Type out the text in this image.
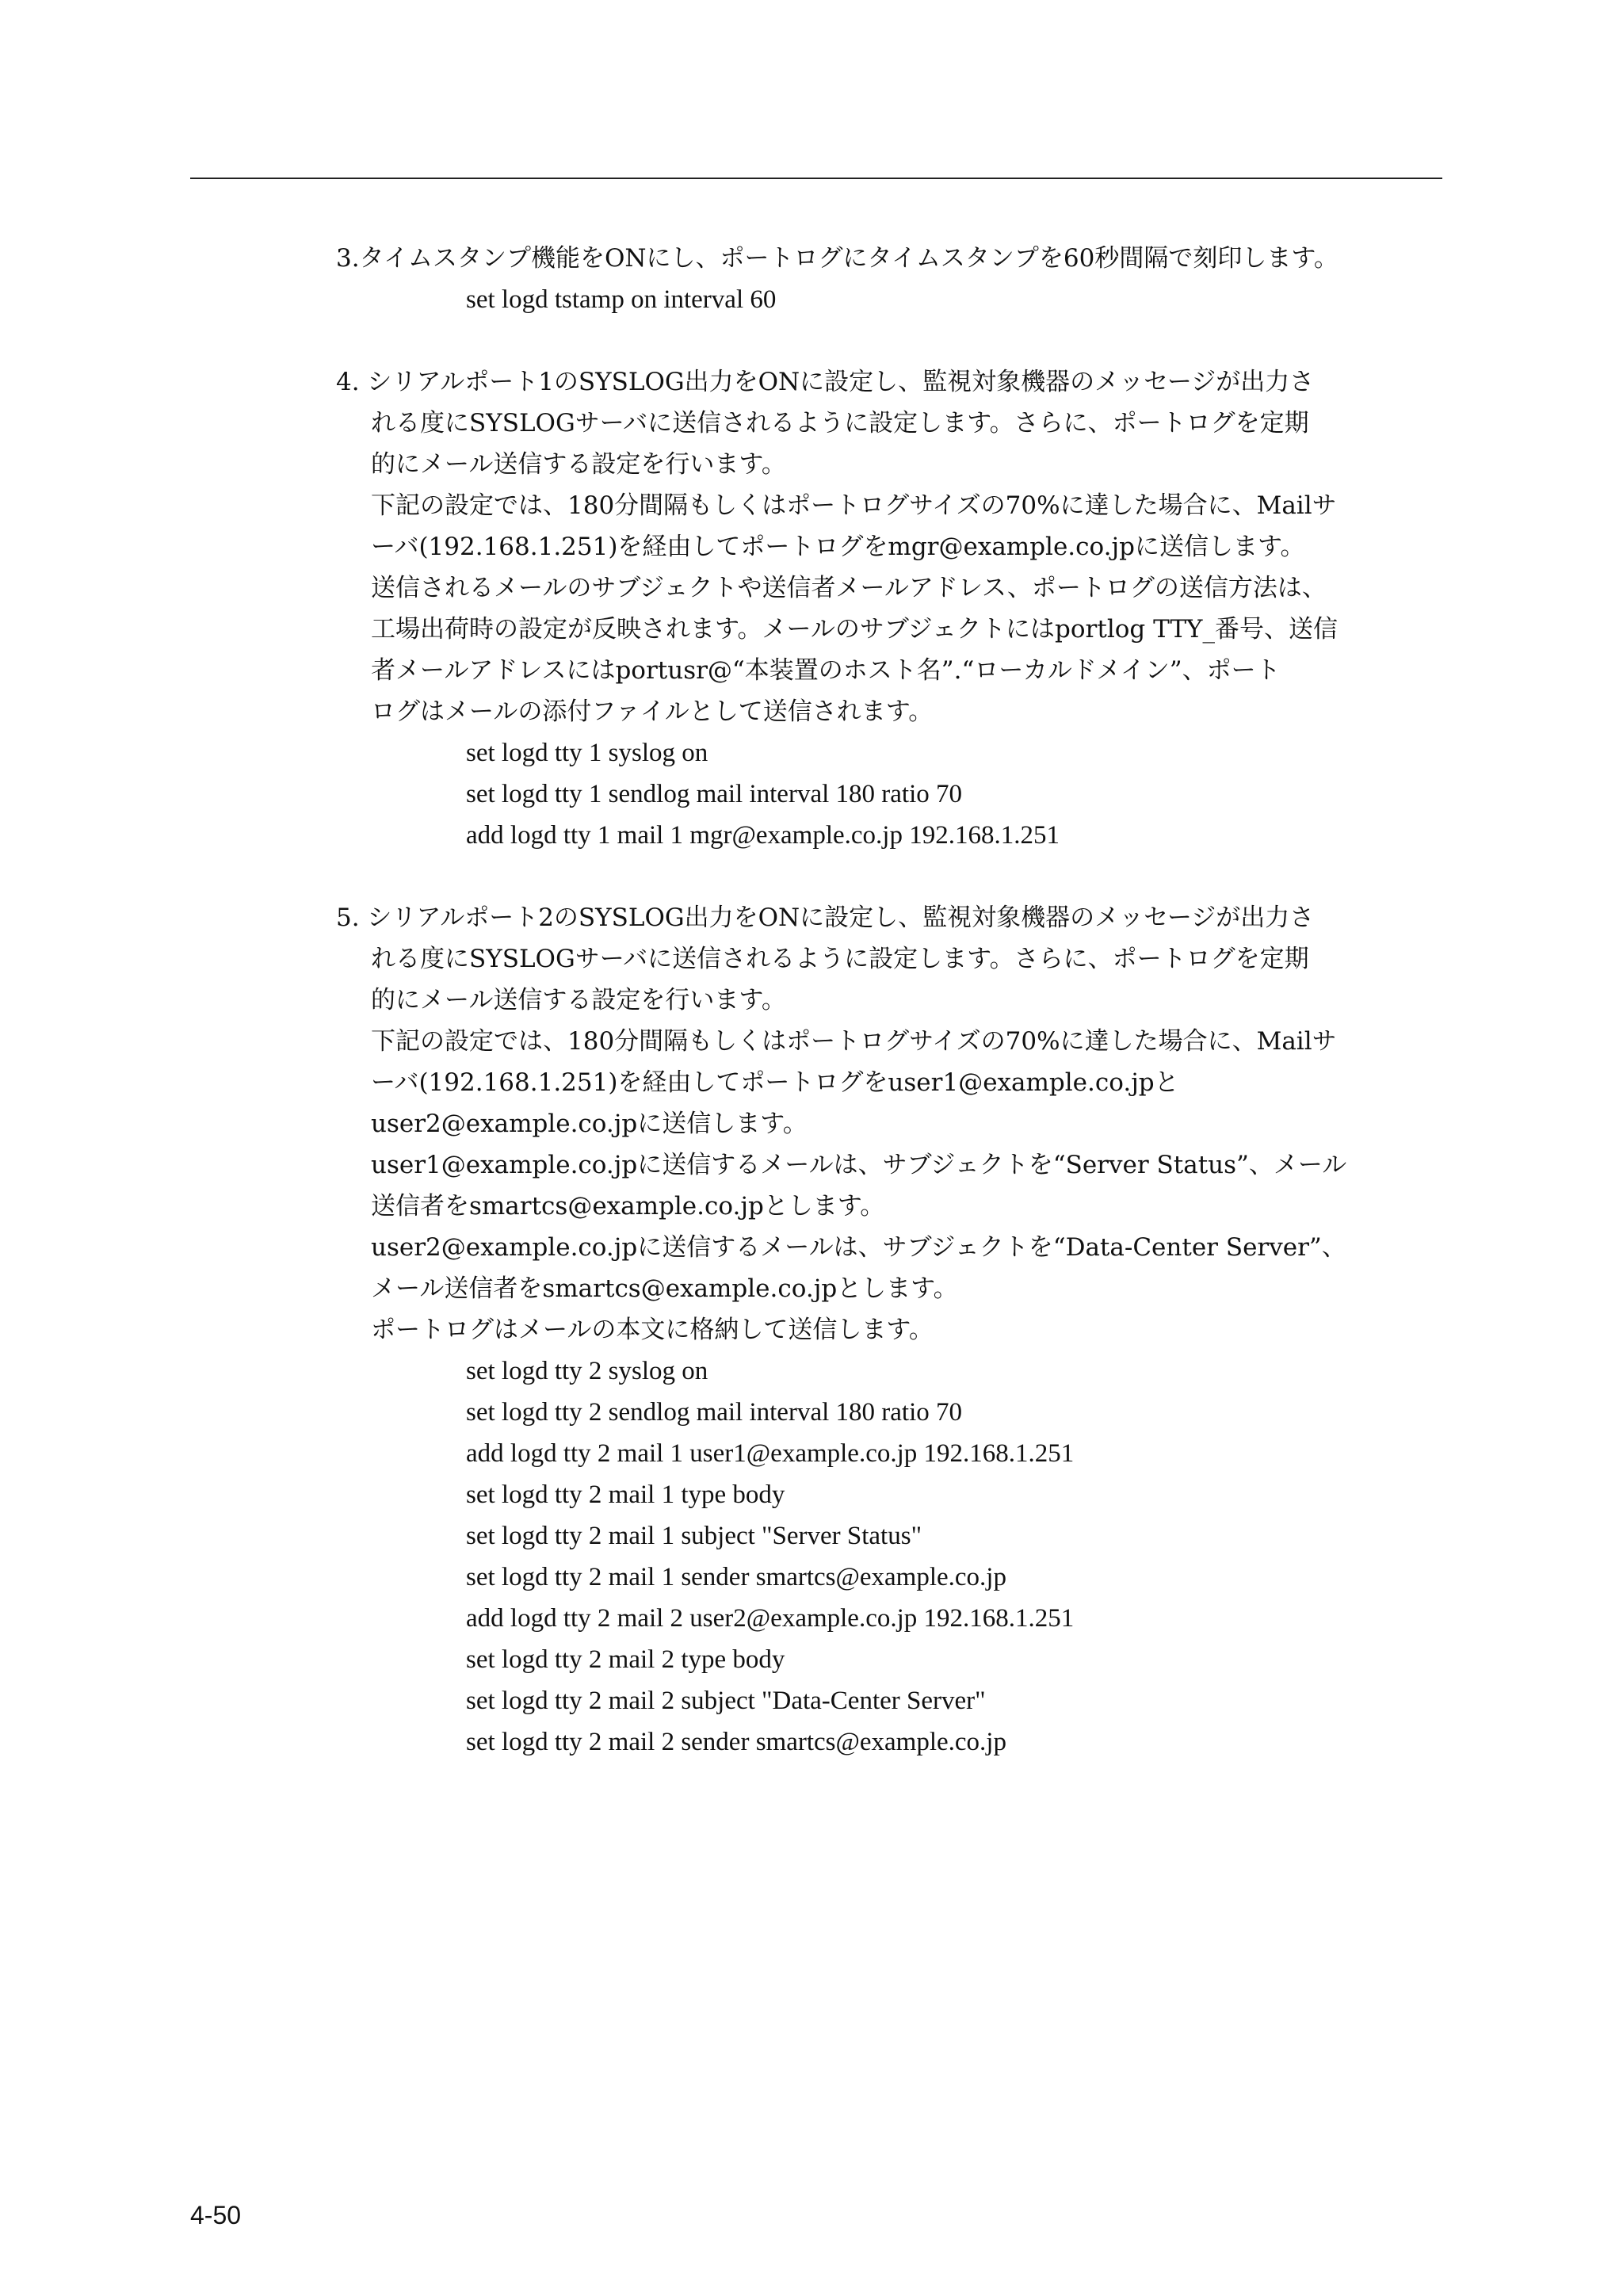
3.タイムスタンプ機能をONにし、ポートログにタイムスタンプを60秒間隔で刻印します。
set logd tstamp on interval 60
4. シリアルポート1のSYSLOG出力をONに設定し、監視対象機器のメッセージが出力さ
れる度にSYSLOGサーバに送信されるように設定します。さらに、ポートログを定期
的にメール送信する設定を行います。
下記の設定では、180分間隔もしくはポートログサイズの70%に達した場合に、Mailサ
ーバ(192.168.1.251)を経由してポートログをmgr@example.co.jpに送信します。
送信されるメールのサブジェクトや送信者メールアドレス、ポートログの送信方法は、
工場出荷時の設定が反映されます。メールのサブジェクトにはportlog TTY_番号、送信
者メールアドレスにはportusr@“本装置のホスト名”.“ローカルドメイン”、ポート
ログはメールの添付ファイルとして送信されます。
set logd tty 1 syslog on
set logd tty 1 sendlog mail interval 180 ratio 70
add logd tty 1 mail 1 mgr@example.co.jp 192.168.1.251
5. シリアルポート2のSYSLOG出力をONに設定し、監視対象機器のメッセージが出力さ
れる度にSYSLOGサーバに送信されるように設定します。さらに、ポートログを定期
的にメール送信する設定を行います。
下記の設定では、180分間隔もしくはポートログサイズの70%に達した場合に、Mailサ
ーバ(192.168.1.251)を経由してポートログをuser1@example.co.jpと
user2@example.co.jpに送信します。
user1@example.co.jpに送信するメールは、サブジェクトを“Server Status”、メール
送信者をsmartcs@example.co.jpとします。
user2@example.co.jpに送信するメールは、サブジェクトを“Data-Center Server”、
メール送信者をsmartcs@example.co.jpとします。
ポートログはメールの本文に格納して送信します。
set logd tty 2 syslog on
set logd tty 2 sendlog mail interval 180 ratio 70
add logd tty 2 mail 1 user1@example.co.jp 192.168.1.251
set logd tty 2 mail 1 type body
set logd tty 2 mail 1 subject "Server Status"
set logd tty 2 mail 1 sender smartcs@example.co.jp
add logd tty 2 mail 2 user2@example.co.jp 192.168.1.251
set logd tty 2 mail 2 type body
set logd tty 2 mail 2 subject "Data-Center Server"
set logd tty 2 mail 2 sender smartcs@example.co.jp
4-50
